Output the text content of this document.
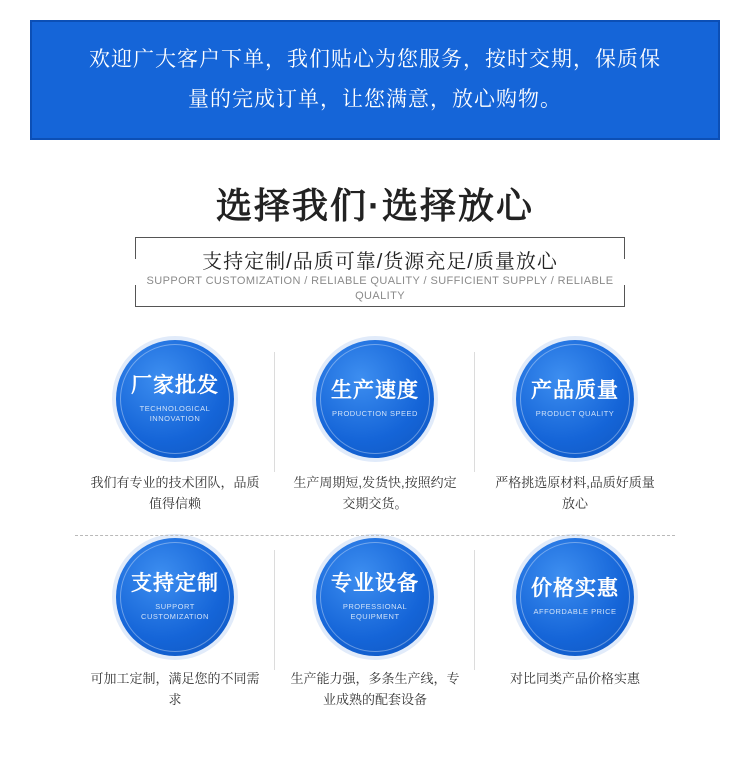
欢迎广大客户下单，我们贴心为您服务，按时交期，保质保量的完成订单，让您满意，放心购物。
选择我们·选择放心
支持定制/品质可靠/货源充足/质量放心
SUPPORT CUSTOMIZATION / RELIABLE QUALITY / SUFFICIENT SUPPLY / RELIABLE QUALITY
厂家批发
TECHNOLOGICAL INNOVATION
我们有专业的技术团队，品质值得信赖
生产速度
PRODUCTION SPEED
生产周期短,发货快,按照约定交期交货。
产品质量
PRODUCT QUALITY
严格挑选原材料,品质好质量放心
支持定制
SUPPORT CUSTOMIZATION
可加工定制，满足您的不同需求
专业设备
PROFESSIONAL EQUIPMENT
生产能力强，多条生产线，专业成熟的配套设备
价格实惠
AFFORDABLE PRICE
对比同类产品价格实惠
